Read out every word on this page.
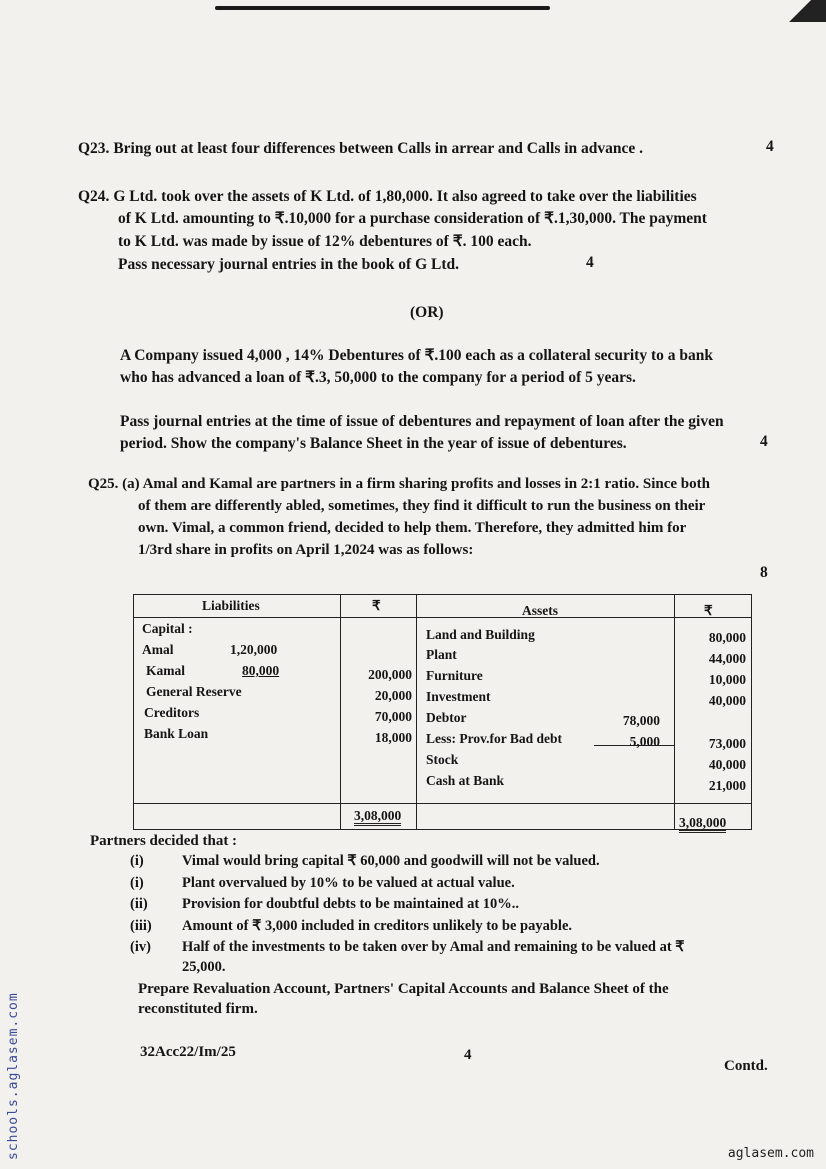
Q23. Bring out at least four differences between Calls in arrear and Calls in advance .	4
Q24. G Ltd. took over the assets of K Ltd. of 1,80,000. It also agreed to take over the liabilities
of K Ltd. amounting to ₹.10,000 for a purchase consideration of ₹.1,30,000. The payment
to K Ltd. was made by issue of 12% debentures of ₹. 100 each.
Pass necessary journal entries in the book of G Ltd.	4
(OR)
A Company issued 4,000 , 14% Debentures of ₹.100 each as a collateral security to a bank
who has advanced a loan of ₹.3, 50,000 to the company for a period of 5 years.
Pass journal entries at the time of issue of debentures and repayment of loan after the given
period. Show the company's Balance Sheet in the year of issue of debentures.	4
Q25. (a) Amal and Kamal are partners in a firm sharing profits and losses in 2:1 ratio. Since both
of them are differently abled, sometimes, they find it difficult to run the business on their
own. Vimal, a common friend, decided to help them. Therefore, they admitted him for
1/3rd share in profits on April 1,2024 was as follows:
8
Liabilities	₹	Assets	₹
Capital :
Amal	1,20,000
Kamal	80,000	200,000
General Reserve	20,000
Creditors	70,000
Bank Loan	18,000
3,08,000
Land and Building	80,000
Plant	44,000
Furniture	10,000
Investment	40,000
Debtor	78,000
Less: Prov.for Bad debt	5,000	73,000
Stock	40,000
Cash at Bank	21,000
3,08,000
Partners decided that :
(i)	Vimal would bring capital ₹ 60,000 and goodwill will not be valued.
(i)	Plant overvalued by 10% to be valued at actual value.
(ii) Provision for doubtful debts to be maintained at 10%..
(iii) Amount of ₹ 3,000 included in creditors unlikely to be payable.
(iv) Half of the investments to be taken over by Amal and remaining to be valued at ₹
25,000.
Prepare Revaluation Account, Partners' Capital Accounts and Balance Sheet of the
reconstituted firm.
32Acc22/Im/25	4
Contd.
schools.aglasem.com	aglasem.com
